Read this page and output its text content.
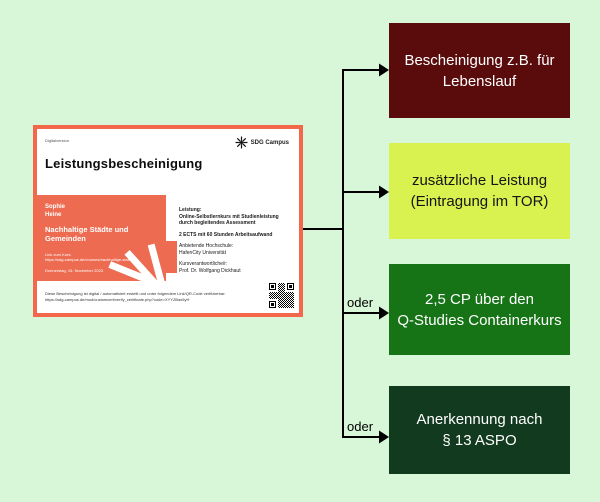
oder
oder
Bescheinigung z.B. für
Lebenslauf
zusätzliche Leistung
(Eintragung im TOR)
2,5 CP über den
Q-Studies Containerkurs
Anerkennung nach
§ 13 ASPO
Digitalversion	SDG Campus
Leistungsbescheinigung
Sophie
Heine
Nachhaltige Städte und Gemeinden
Link zum Kurs:
https://sdg-campus.de/courses/nachhaltige-staedte
Donnerstag, 15. November 2023
Leistung:
Online-Selbstlernkurs mit Studienleistung
durch begleitendes Assessment
2 ECTS mit 60 Stunden Arbeitsaufwand
Anbietende Hochschule:
HafenCity Universität
Kursverantwortliche/r:
Prof. Dr. Wolfgang Dickhaut
Diese Bescheinigung ist digital / automatisiert erstellt und unter folgendem Link/QR-Code verifizierbar:
https://sdg-campus.de/mod/customcert/verify_certificate.php?code=XYYZBax5yH
